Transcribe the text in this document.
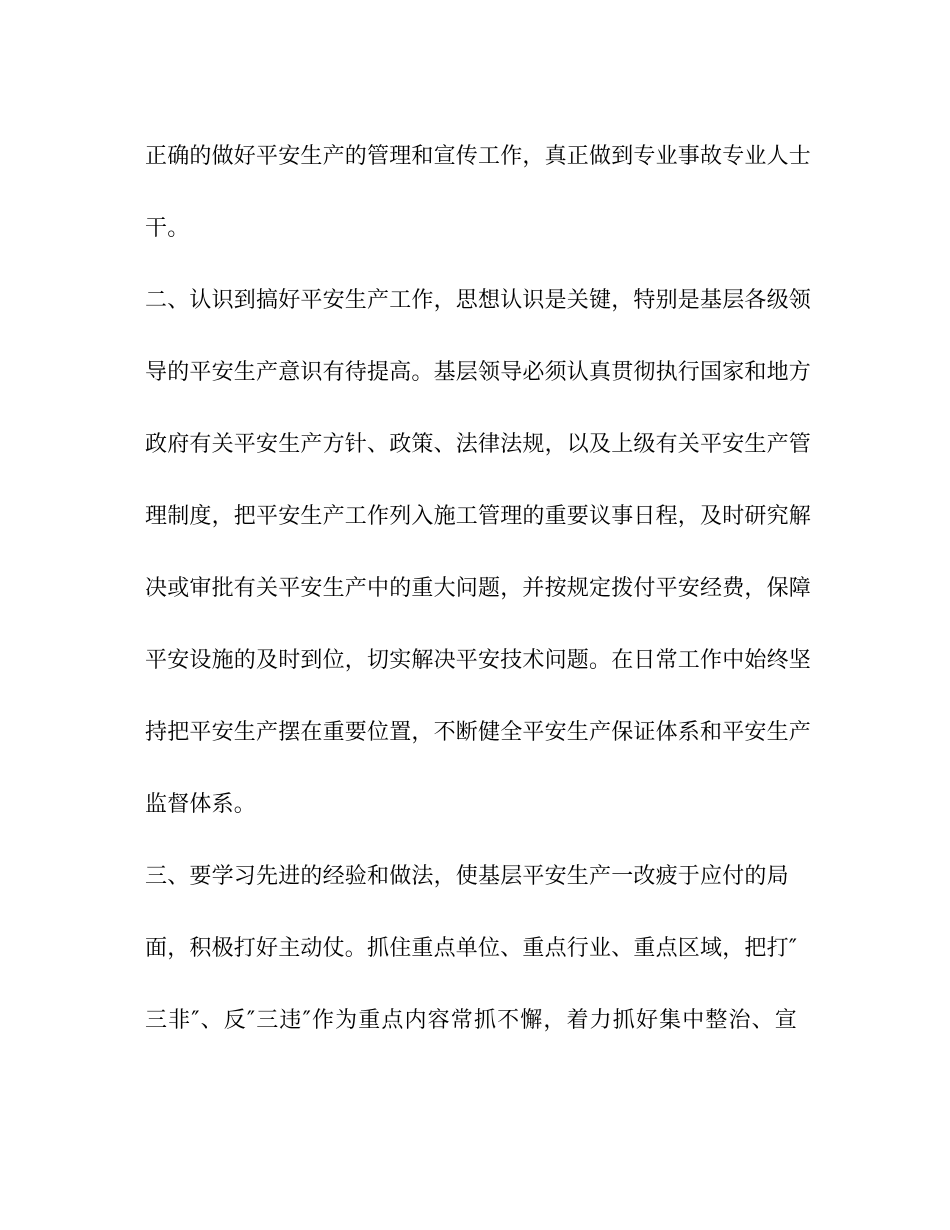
正确的做好平安生产的管理和宣传工作，真正做到专业事故专业人士
干。
二、认识到搞好平安生产工作，思想认识是关键，特别是基层各级领
导的平安生产意识有待提高。基层领导必须认真贯彻执行国家和地方
政府有关平安生产方针、政策、法律法规，以及上级有关平安生产管
理制度，把平安生产工作列入施工管理的重要议事日程，及时研究解
决或审批有关平安生产中的重大问题，并按规定拨付平安经费，保障
平安设施的及时到位，切实解决平安技术问题。在日常工作中始终坚
持把平安生产摆在重要位置，不断健全平安生产保证体系和平安生产
监督体系。
三、要学习先进的经验和做法，使基层平安生产一改疲于应付的局
面，积极打好主动仗。抓住重点单位、重点行业、重点区域，把打″
三非″、反″三违″作为重点内容常抓不懈，着力抓好集中整治、宣
